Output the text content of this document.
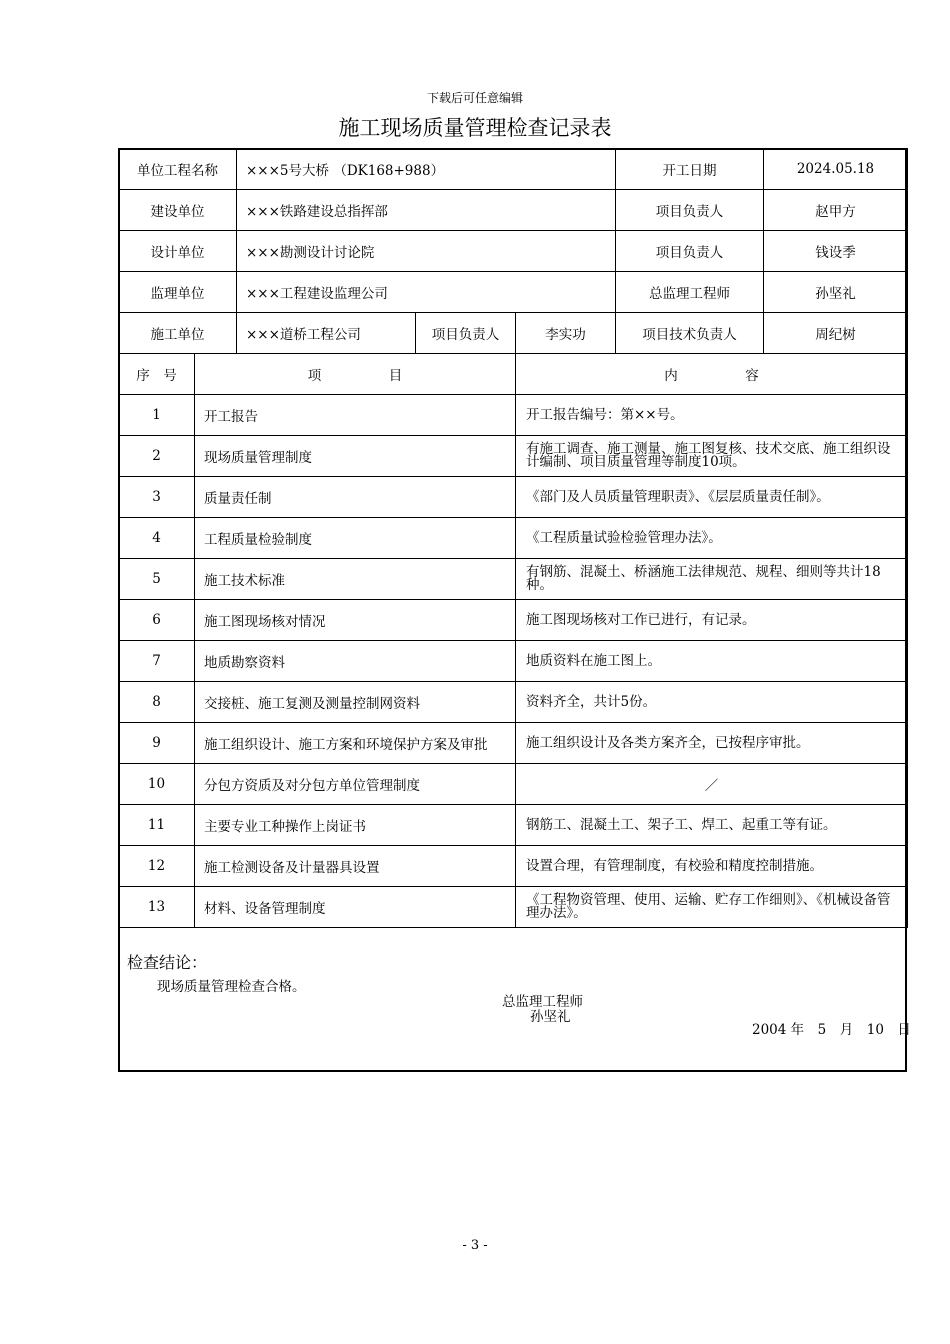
下载后可任意编辑
施工现场质量管理检查记录表
单位工程名称		×××5号大桥 （DK168+988）			开工日期	2024.05.18
建设单位		×××铁路建设总指挥部			项目负责人	赵甲方
设计单位		×××勘测设计讨论院			项目负责人	钱设季
监理单位		×××工程建设监理公司			总监理工程师	孙坚礼
施工单位		×××道桥工程公司	项目负责人	李实功	项目技术负责人	周纪树
序　号	项　　　　　目			内　　　　　容		
1	开工报告			开工报告编号：第××号。		
2	现场质量管理制度			有施工调查、施工测量、施工图复核、技术交底、施工组织设计编制、项目质量管理等制度10项。		
3	质量责任制			《部门及人员质量管理职责》、《层层质量责任制》。		
4	工程质量检验制度			《工程质量试验检验管理办法》。		
5	施工技术标准			有钢筋、混凝土、桥涵施工法律规范、规程、细则等共计18种。		
6	施工图现场核对情况			施工图现场核对工作已进行，有记录。		
7	地质勘察资料			地质资料在施工图上。		
8	交接桩、施工复测及测量控制网资料			资料齐全，共计5份。		
9	施工组织设计、施工方案和环境保护方案及审批			施工组织设计及各类方案齐全，已按程序审批。		
10	分包方资质及对分包方单位管理制度			／		
11	主要专业工种操作上岗证书			钢筋工、混凝土工、架子工、焊工、起重工等有证。		
12	施工检测设备及计量器具设置			设置合理，有管理制度，有校验和精度控制措施。		
13	材料、设备管理制度			《工程物资管理、使用、运输、贮存工作细则》、《机械设备管理办法》。		
检查结论：
现场质量管理检查合格。
总监理工程师
孙坚礼
2004 年　5　月　10　日
- 3 -
